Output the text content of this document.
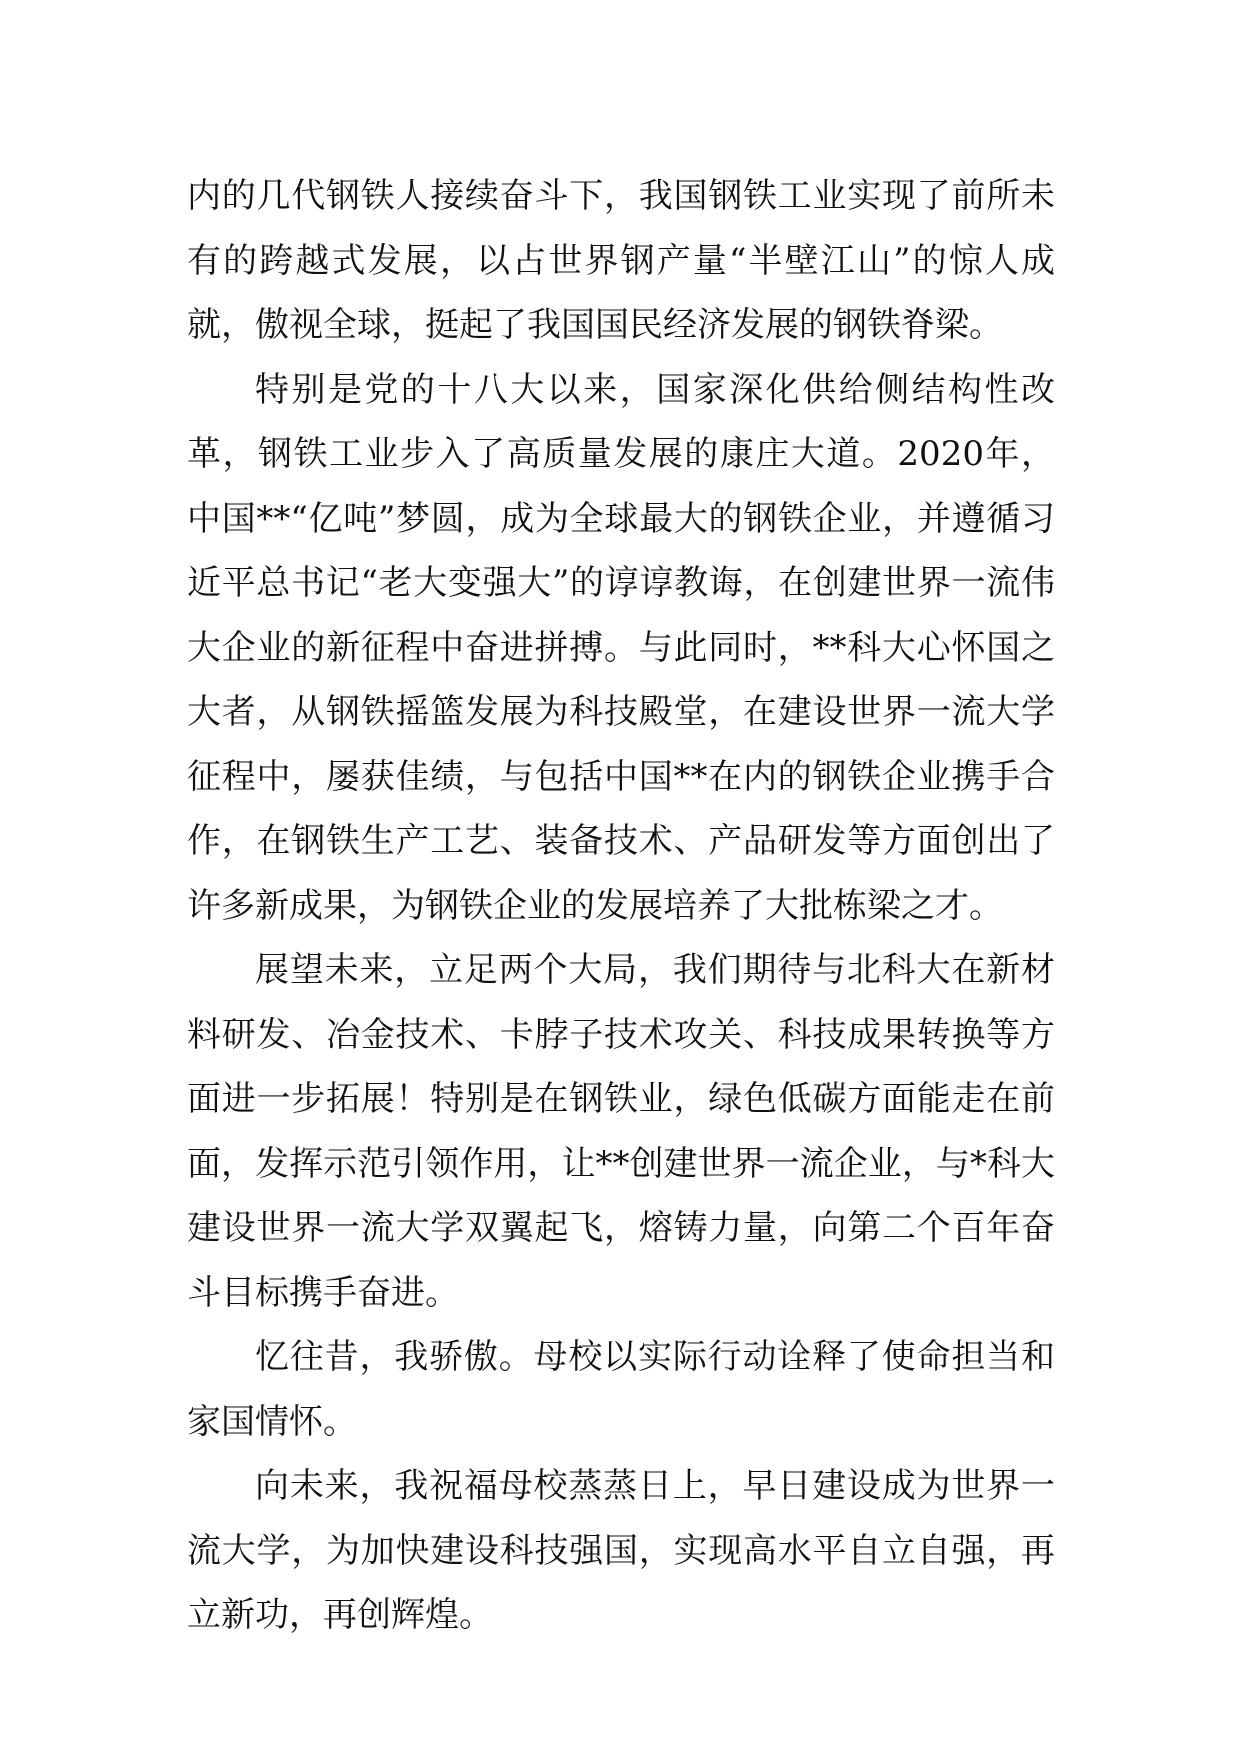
内的几代钢铁人接续奋斗下，我国钢铁工业实现了前所未有的跨越式发展，以占世界钢产量“半壁江山”的惊人成就，傲视全球，挺起了我国国民经济发展的钢铁脊梁。

特别是党的十八大以来，国家深化供给侧结构性改革，钢铁工业步入了高质量发展的康庄大道。2020年，中国**“亿吨”梦圆，成为全球最大的钢铁企业，并遵循习近平总书记“老大变强大”的谆谆教诲，在创建世界一流伟大企业的新征程中奋进拼搏。与此同时，**科大心怀国之大者，从钢铁摇篮发展为科技殿堂，在建设世界一流大学征程中，屡获佳绩，与包括中国**在内的钢铁企业携手合作，在钢铁生产工艺、装备技术、产品研发等方面创出了许多新成果，为钢铁企业的发展培养了大批栋梁之才。

展望未来，立足两个大局，我们期待与北科大在新材料研发、冶金技术、卡脖子技术攻关、科技成果转换等方面进一步拓展！特别是在钢铁业，绿色低碳方面能走在前面，发挥示范引领作用，让**创建世界一流企业，与*科大建设世界一流大学双翼起飞，熔铸力量，向第二个百年奋斗目标携手奋进。

忆往昔，我骄傲。母校以实际行动诠释了使命担当和家国情怀。

向未来，我祝福母校蒸蒸日上，早日建设成为世界一流大学，为加快建设科技强国，实现高水平自立自强，再立新功，再创辉煌。
